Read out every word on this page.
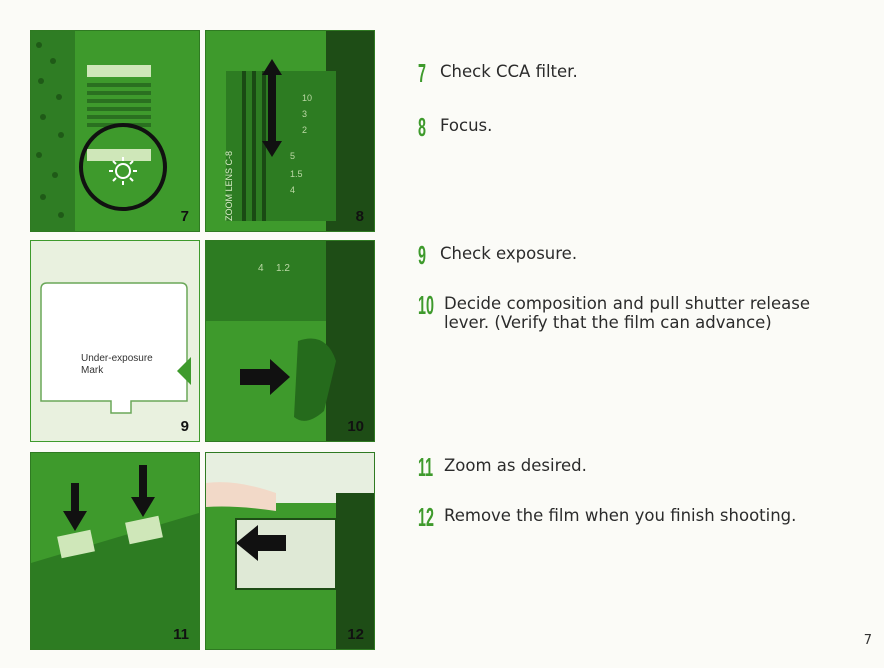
7
10
3
2
5
1.5
4
ZOOM LENS C-8	8
Under-exposure
Mark
9
4 1.2
10
11	12
7 Check CCA filter.
8 Focus.
9 Check exposure.
10 Decide composition and pull shutter release lever. (Verify that the film can advance)
11 Zoom as desired.
12 Remove the film when you finish shooting.
7
